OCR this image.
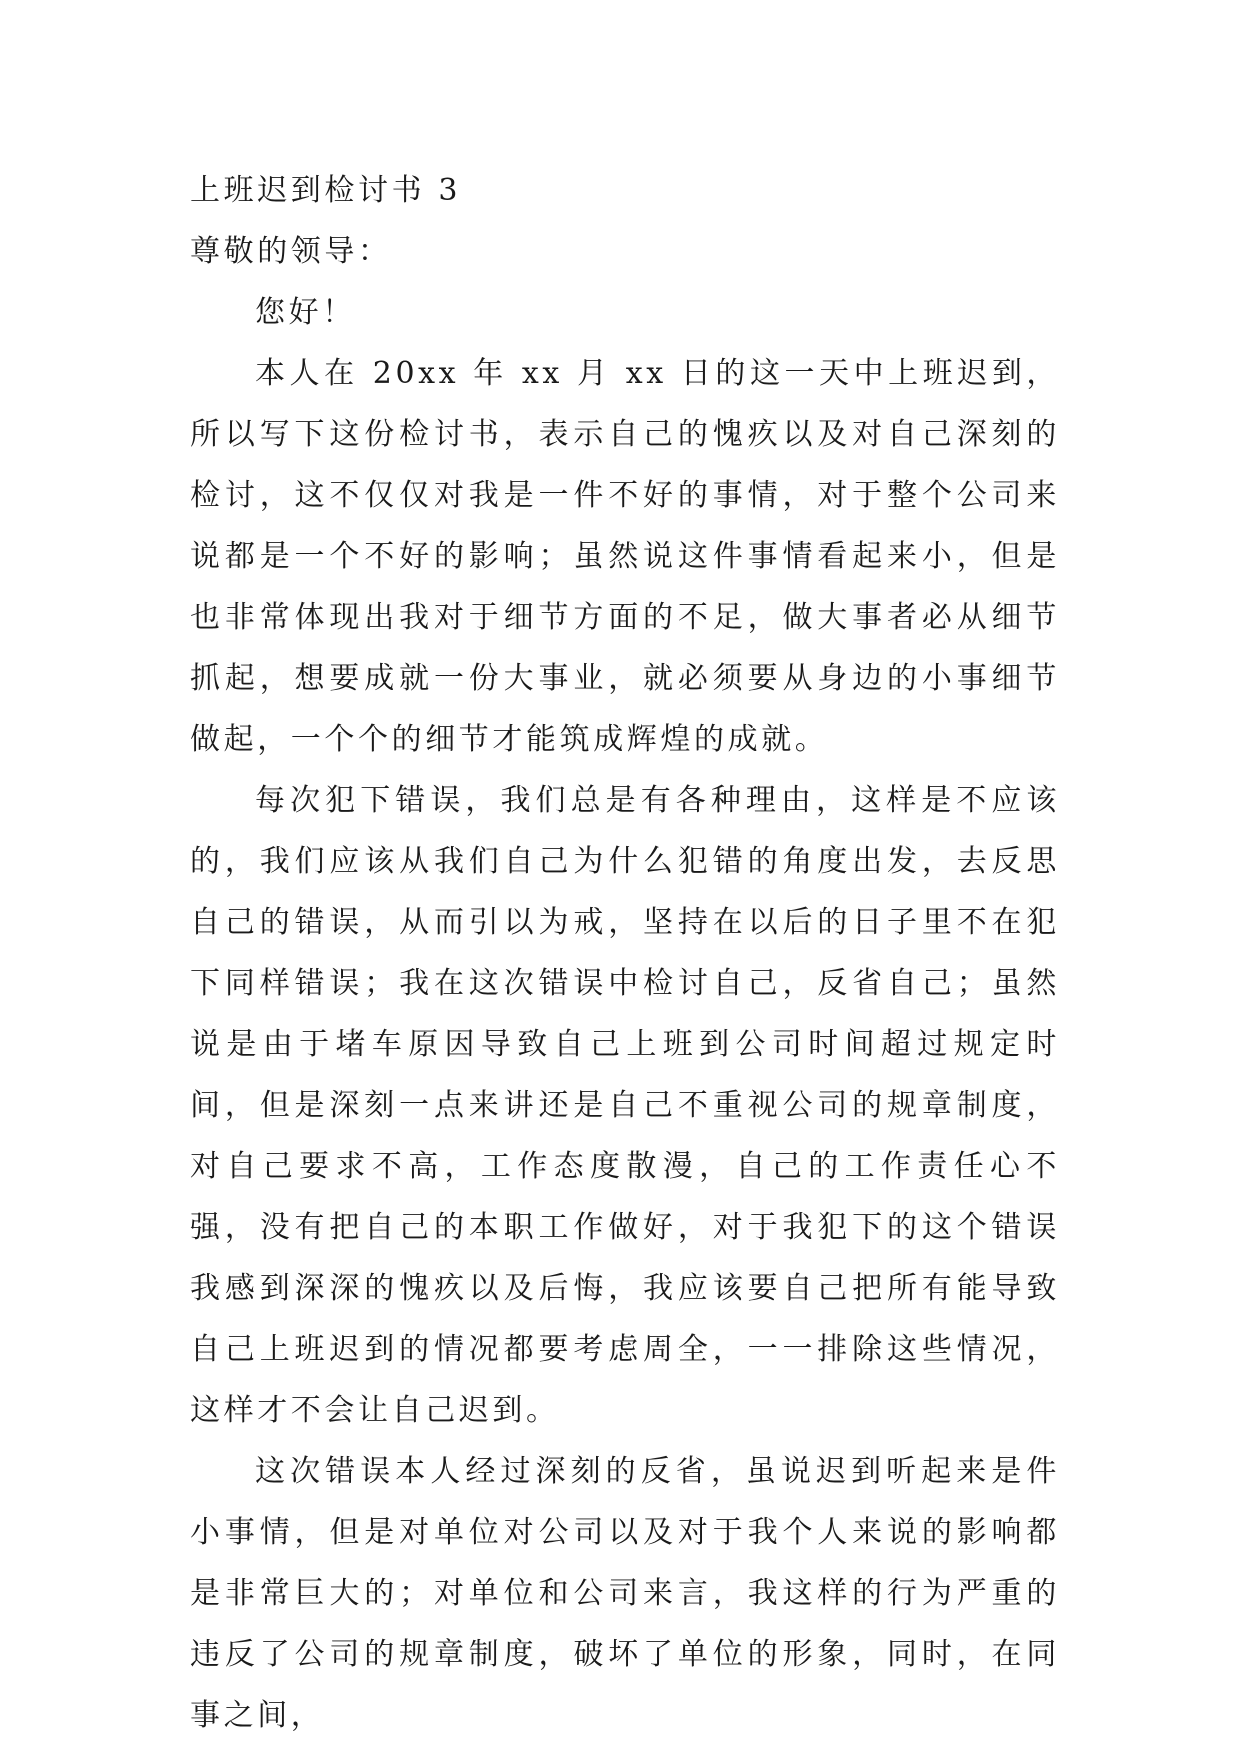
上班迟到检讨书 3

尊敬的领导：

您好！

本人在 20xx 年 xx 月 xx 日的这一天中上班迟到，所以写下这份检讨书，表示自己的愧疚以及对自己深刻的检讨，这不仅仅对我是一件不好的事情，对于整个公司来说都是一个不好的影响；虽然说这件事情看起来小，但是也非常体现出我对于细节方面的不足，做大事者必从细节抓起，想要成就一份大事业，就必须要从身边的小事细节做起，一个个的细节才能筑成辉煌的成就。

每次犯下错误，我们总是有各种理由，这样是不应该的，我们应该从我们自己为什么犯错的角度出发，去反思自己的错误，从而引以为戒，坚持在以后的日子里不在犯下同样错误；我在这次错误中检讨自己，反省自己；虽然说是由于堵车原因导致自己上班到公司时间超过规定时间，但是深刻一点来讲还是自己不重视公司的规章制度，对自己要求不高，工作态度散漫，自己的工作责任心不强，没有把自己的本职工作做好，对于我犯下的这个错误我感到深深的愧疚以及后悔，我应该要自己把所有能导致自己上班迟到的情况都要考虑周全，一一排除这些情况，这样才不会让自己迟到。

这次错误本人经过深刻的反省，虽说迟到听起来是件小事情，但是对单位对公司以及对于我个人来说的影响都是非常巨大的；对单位和公司来言，我这样的行为严重的违反了公司的规章制度，破坏了单位的形象，同时，在同事之间，
